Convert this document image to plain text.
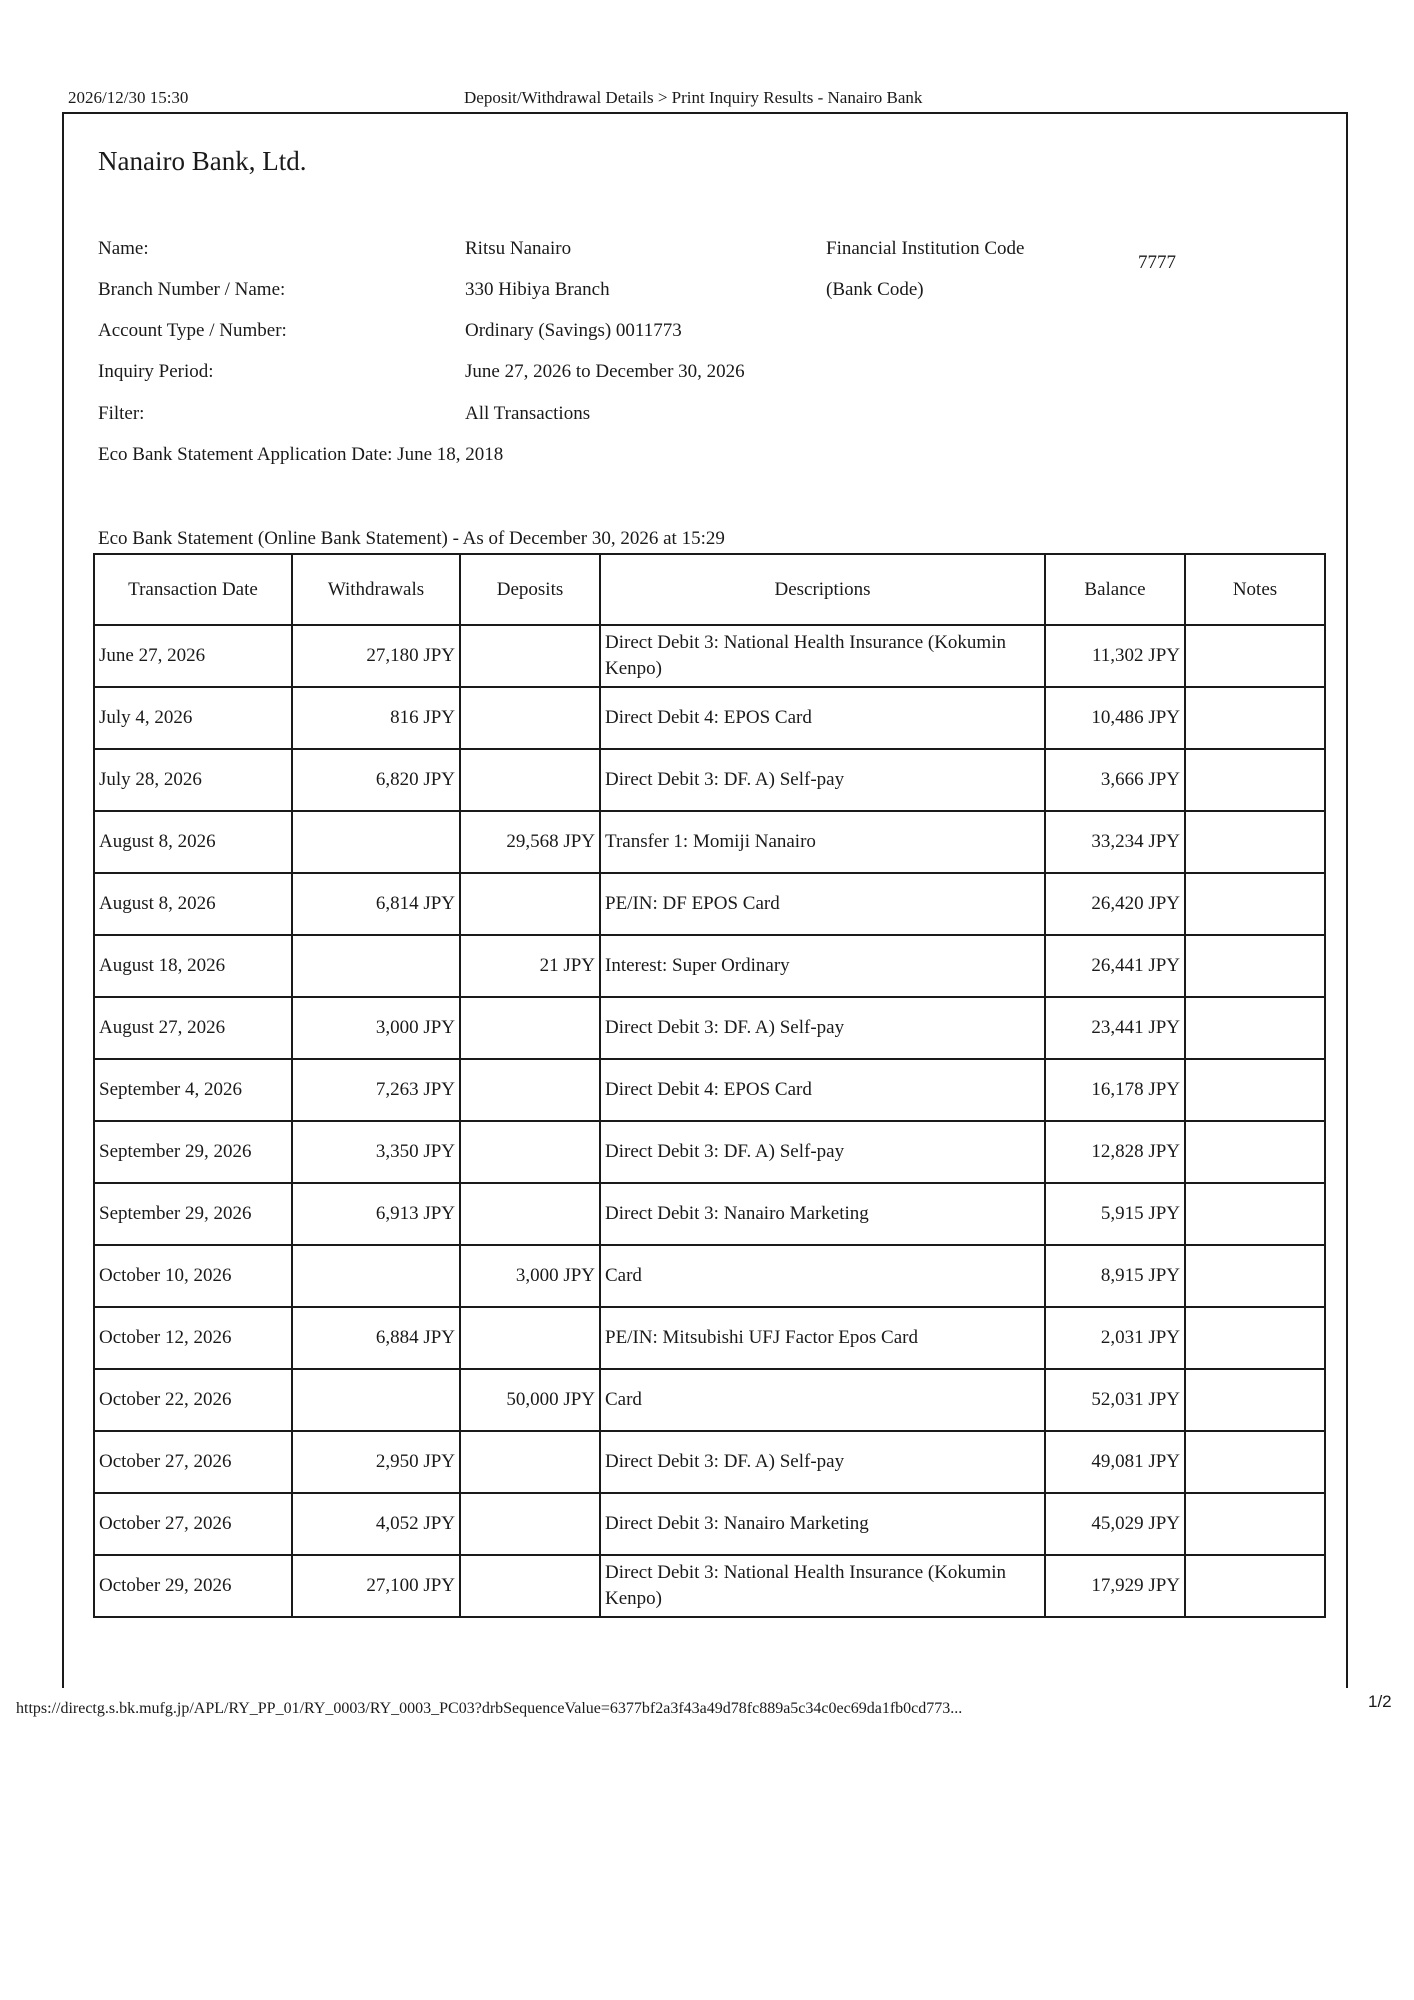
2026/12/30 15:30	Deposit/Withdrawal Details > Print Inquiry Results - Nanairo Bank
Nanairo Bank, Ltd.
Name:	Ritsu Nanairo	Financial Institution Code
7777
Branch Number / Name:	330 Hibiya Branch	(Bank Code)
Account Type / Number:	Ordinary (Savings) 0011773
Inquiry Period:	June 27, 2026 to December 30, 2026
Filter:	All Transactions
Eco Bank Statement Application Date: June 18, 2018
Eco Bank Statement (Online Bank Statement) - As of December 30, 2026 at 15:29
Transaction Date	Withdrawals	Deposits	Descriptions	Balance	Notes
June 27, 2026	27,180 JPY		Direct Debit 3: National Health Insurance (Kokumin Kenpo)	11,302 JPY	
July 4, 2026	816 JPY		Direct Debit 4: EPOS Card	10,486 JPY	
July 28, 2026	6,820 JPY		Direct Debit 3: DF. A) Self-pay	3,666 JPY	
August 8, 2026		29,568 JPY	Transfer 1: Momiji Nanairo	33,234 JPY	
August 8, 2026	6,814 JPY		PE/IN: DF EPOS Card	26,420 JPY	
August 18, 2026		21 JPY	Interest: Super Ordinary	26,441 JPY	
August 27, 2026	3,000 JPY		Direct Debit 3: DF. A) Self-pay	23,441 JPY	
September 4, 2026	7,263 JPY		Direct Debit 4: EPOS Card	16,178 JPY	
September 29, 2026	3,350 JPY		Direct Debit 3: DF. A) Self-pay	12,828 JPY	
September 29, 2026	6,913 JPY		Direct Debit 3: Nanairo Marketing	5,915 JPY	
October 10, 2026		3,000 JPY	Card	8,915 JPY	
October 12, 2026	6,884 JPY		PE/IN: Mitsubishi UFJ Factor Epos Card	2,031 JPY	
October 22, 2026		50,000 JPY	Card	52,031 JPY	
October 27, 2026	2,950 JPY		Direct Debit 3: DF. A) Self-pay	49,081 JPY	
October 27, 2026	4,052 JPY		Direct Debit 3: Nanairo Marketing	45,029 JPY	
October 29, 2026	27,100 JPY		Direct Debit 3: National Health Insurance (Kokumin Kenpo)	17,929 JPY	
https://directg.s.bk.mufg.jp/APL/RY_PP_01/RY_0003/RY_0003_PC03?drbSequenceValue=6377bf2a3f43a49d78fc889a5c34c0ec69da1fb0cd773...	1/2
